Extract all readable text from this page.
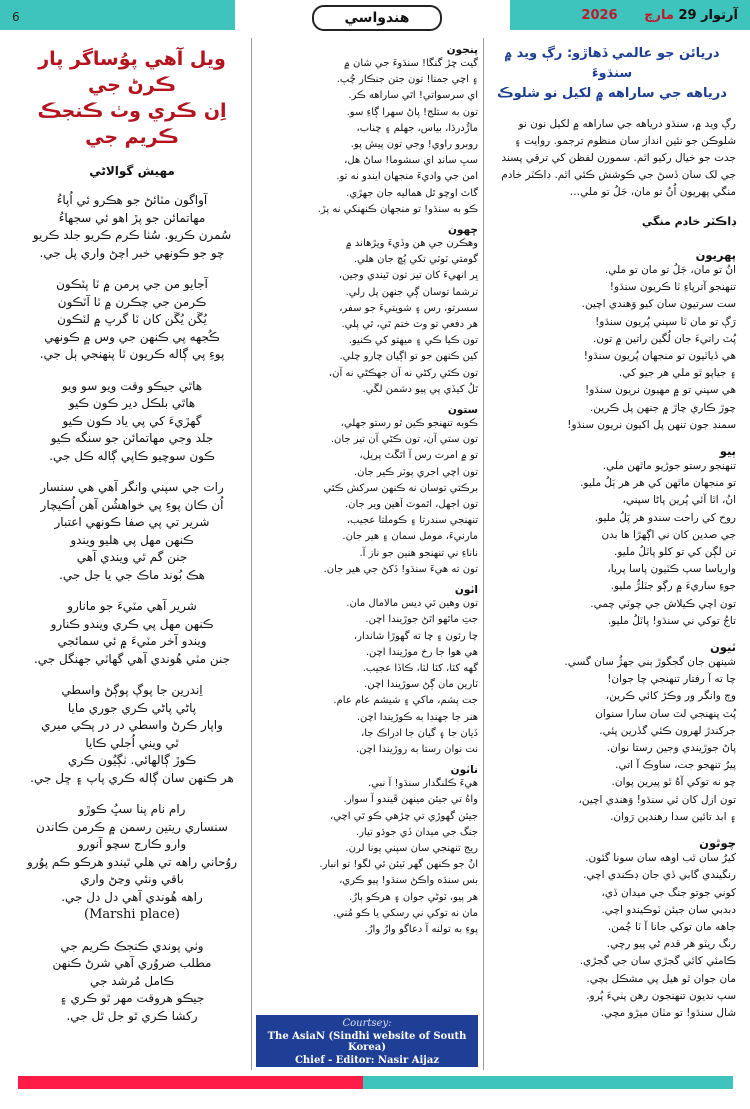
6	هندواسي	آرتوار 29 مارچ 2026
دريائن جو عالمي ڏهاڙو: رڳ ويد ۾ سنڌوءَ
درياهه جي ساراهه ۾ لکيل نو شلوڪ
رڳ ويد ۾، سنڌو درياهه جي ساراهه ۾ لکيل نون نو شلوڪن جو نئين انداز سان منظوم ترجمو. روايت ۽ جدت جو خيال رکيو اٿم. سمورن لفظن کي ترقي پسند جي لک سان ڏسڻ جي ڪوشش ڪئي اٿم. ڊاڪٽر خادم منگي پهريون اُنُ تو مان، جَلُ تو ملي…
ڊاڪٽر خادم منگي
پهريون
انُ تو مان، جَلُ تو مان تو ملي.
تنهنجو آترپاءِ ٽا ڪريون سنڌو!
ست سرتيون سان کيو وَهندي اچين.
رَڳ تو مان ٽا سپني پُريون سنڌو!
پُٽ راتيءَ جان لُگين راتين ۾ تون.
هي ڏياٽيون تو منجهان پُريون سنڌو!
۽ جياپو ٿو ملي هر جيو کي.
هي سپني تو ۾ مهيون نريون سنڌو!
چوڙ ڪاري چاڙ ۾ جنهن پل ڪرين.
سمنڊ جون تنهن پل اکيون نريون سنڌو!
ٻيو
تنهنجو رستو جوڙيو ماٿهن ملي.
تو منجهان ماٿهن کي هر هر ٻَلُ مليو.
انُ، اٿا آئي پُرين پاڻا سپني،
روح کي راحت سندو هر پَلُ مليو.
جي صدين کان ني اڳهڙا ها بدن
تن لڳن کي تو کلو پاٽلُ مليو.
وارياسا سپ ڪٽيون پاسا پريا،
جوءِ ساريءَ ۾ رڳو جٽلڙُ مليو.
تون اچي ڪيلاش جي چوٽي چمي.
تاجُ توکي ني سنڌو! پاٽلُ مليو.
ٽيون
شينهن جان گجگوڙ ٻني جهڙُ سان گسي.
چا ته آ رفتار تنهنجي چا جوان!
وڄ وانگر ور وڪڙ کائي ڪرين،
پُٽ پنهنجي لٽ سان سارا سنوان
جرکندڙ لهرون ڪئي گڏرين پئي.
پاڻ جوڙيندي وجين رستا نوان.
پيرُ تنهجو جت، ساوڪ آ اتي.
چو نه توکي آهُ ٿو پيرين پوان.
تون ازل کان ٿي سنڌو! وَهندي اچين،
۽ ابد تائين سدا رهندين رَوان.
چوٿون
کيرُ سان ٿب اوهه سان سونا گئون.
رنگيندي گابي ڏي جان ڊڪندي اچي.
کوني جوتو جنگ جي ميدان ڏي،
دبدبي سان جيئن ٽوڪيندو اچي.
جاهه مان توکي جانا آ ٽا چُمن.
رنگ ريٽو هر قدم ڻي پيو رچي.
ڪامئي کائي گجڙي سان جي گجڙي.
مان جوان ٿو هيل پي مشڪل بچي.
سپ نديون تنهنجون رهن پٺيءَ پُرو.
شال سنڌو! تو مٽان ميڙو مچي.
پنجون
گيت ڇڙ گنگا! سنڌوءَ جي شان ۾
۽ اچي جمنا! تون جتن جنڪار چُپ.
اي سرسواتي! اٿي ساراهه ڪر.
تون به ستلج! پاڻ سهرا ڳاءِ سو.
ماڙُدرڌا، بياس، جهلم ۽ چناب،
روبرو راوي! وجي تون پيش پو.
سڀ سانڍ اي سشوما! ساڻ هل،
امن جي واديءَ منجهان ايندو نه تو.
گاٽ اوچو ٿل هماليه جان جهڙي.
ڪو به سنڌو! تو منجهان ڪنهنکي نه پڙ.
ڇهون
وهڪرن جي هن وڏيءَ ويڙهاند ۾
گومتي ٽوٽي تکي پُڇ جان هلي.
ڀر انهيءَ کان تيز تون ٿيندي وجين،
ترشما توسان ڳي جنهن پل رلي.
سسرتو، رس ۽ شويتيءَ جو سفر،
هر دفعي تو وٽ ختم ٿي، ٿي پلي.
تون ڪيا ڪي ۽ ميهتو کي ڪنيو.
کين ڪنهن جو تو اڳيان چارو چلي.
تون ڪٿي رکڻي نه آن جهڪڻي نه آن،
ٿلُ کيڏي پي پيو دشمن لڱي.
ستون
ڪوبه تنهنجو ڪين ٿو رستو جهلي،
تون ستي آن، تون ڪڻي آن تير جان.
تو ۾ امرت رس آ اٿڱٽ پريل،
تون اچي اجري پوٽر ڪير جان.
برڪتي توسان نه ڪنهن سرکش ڪئي
تون اجهل، اٿموٽ آهين وير جان.
تنهنجي سندرتا ۽ ڪوملتا عجيب،
مارنيءَ، مومل سمان ۽ هير جان.
ناناءِ ني تنهنجو هنين جو ناز آ.
تون ته هيءَ سنڌو! ڏکڻ جي هير جان.
اٺون
تون وهين ٿي ديس مالامال مان.
جتِ ماٿهو اٿڻ جوڙيندا اچن.
چا رثون ۽ چا ته گهوڙا شاندار،
هي هوا جا رخ موڙيندا اچن.
گهه کٽا، کٽا لٽا، ڪاڏا عجيب.
ٽارين مان ڳڻ سوڙيندا اچن.
جت پشم، ماکي ۽ شيشم عام عام.
هنر جا جهنڊا به ڪوڙيندا اچن.
ڏيان جا ۽ گيان جا ادراڪ جا،
نت نوان رستا به روڙيندا اچن.
ناٺون
هيءَ ڪلنگدار سنڌو! آ نبي.
واهُ تي جيئن مينهن ڦيندو آ سوار.
جيئن گهوڙي تي چڙهي ڪو ٿي اچي،
جنگ جي ميدان ڏي جوڌو تيار.
ريج تنهنجي سان سپني پونا لرن.
انُ جو ڪنهن گهر ٽيئن ٿي لگو! تو انبار.
بس سنڌه واڪڻ سنڌو! پيو ڪري،
هر پيو، ٽوڻي جوان ۽ هرڪو ٻارُ.
مان نه توکي ني رسکي يا ڪو مُني.
پوءِ به تولنه آ دعاگو وارُ وارُ.
Courtsey:
The AsiaN (Sindhi website of South Korea)
Chief - Editor: Nasir Aijaz
ويل آهي پوُساگر پار ڪرڻ جي
اِن ڪري وٺ ڪنجڪ ڪريم جي
مهيش گوالاڻي
آواگون مٽائڻ جو هڪرو ئي اُپاءُ
مهاتمائن جو پڙ اهو ئي سجهاءُ
سُمرن ڪريو. سُٺا ڪرم ڪريو جلد ڪريو
چو جو ڪونهي خبر اچڻ واري پل جي.
آجايو من جي پرمن ۾ ٽا پٽڪون
ڪرمن جي چڪرن ۾ ٽا آٽڪون
يُڱن يُڱن کان ٽا گرڀ ۾ لٽڪون
ڪُجهه پي ڪنهن جي وس ۾ ڪونهي
پوءِ پي ڳاله ڪريون ٽا پنهنجي ٻل جي.
هاٿي جيڪو وقت ويو سو ويو
هاٿي بلڪل دير ڪون ڪيو
گهڙيءَ کي پي ياد ڪون ڪيو
جلد وجي مهاتمائن جو سنگه ڪيو
ڪون سوچيو ڪاپي ڳاله ڪل جي.
رات جي سپني وانگر آهي هي سنسار
اُن ڪان پوءِ پي خواهشُن آهن اُڪيچار
شرير تي پي صفا ڪونهي اعتبار
ڪنهن مهل پي هليو ويندو
جنن گم ٿي ويندي آهي
هڪ بُوند ماڪ جي يا جل جي.
شرير آهي مٽيءَ جو مانارو
ڪنهن مهل پي ڪري ويندو ڪنارو
ويندو آخر مٽيءَ ۾ ئي سمائجي
جنن مٽي هُوندي آهي گهاٽي جهنگل جي.
اِندرين جا پوڳ پوڳڻ واسطي
پاڻي پاڻي ڪري جوري مايا
واپار ڪرڻ واسطي در در پڪي ميري
ٿي ويني اُجلي ڪايا
ڪوڙ ڳالهائي. ٺڳيُون ڪري
هر ڪنهن سان ڳاله ڪري پاپ ۽ ڇل جي.
رام نام پنا سڀُ ڪوڙو
سنساري ريتين رسمن ۾ ڪرمن ڪاندن
وارو ڪارج سچو آنورو
روُحاني راهه تي هلي ٿيندو هرڪو ڪم پوُرو
باقي ونئي وڃڻ واري
راهه هُوندي آهي دل دل جي.
(Marshi place)
وٺي پوندي ڪنجڪ ڪريم جي
مطلب ضروُري آهي شرڻ ڪنهن
ڪامل مُرشد جي
جيڪو هروقت مهر ٿو ڪري ۽
رکشا ڪري ٿو جل ٿل جي.
